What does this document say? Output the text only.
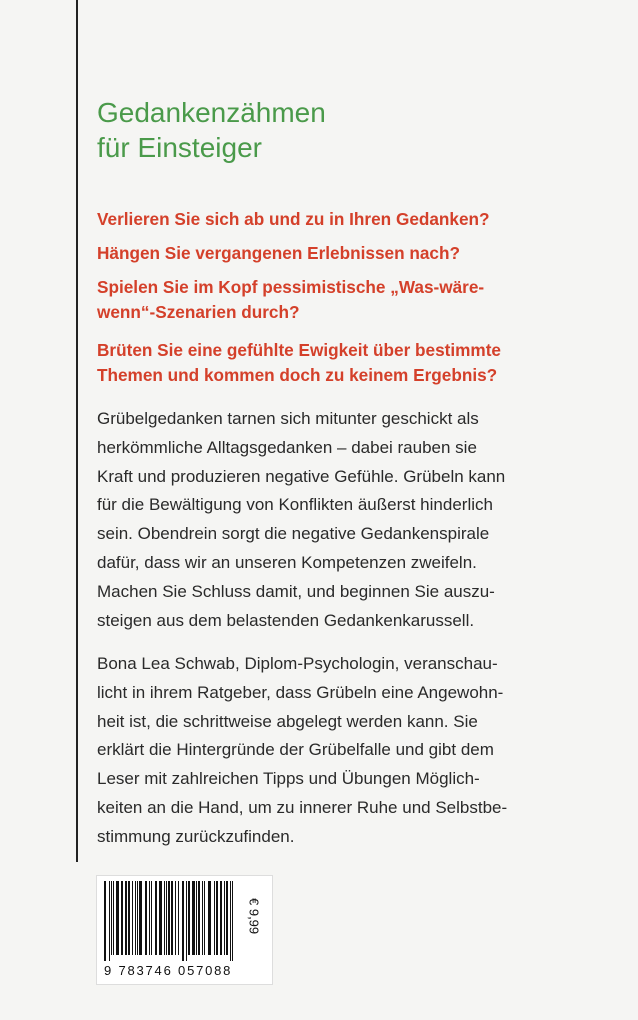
Gedankenzähmen
für Einsteiger
Verlieren Sie sich ab und zu in Ihren Gedanken?
Hängen Sie vergangenen Erlebnissen nach?
Spielen Sie im Kopf pessimistische „Was-wäre-
wenn“-Szenarien durch?
Brüten Sie eine gefühlte Ewigkeit über bestimmte
Themen und kommen doch zu keinem Ergebnis?
Grübelgedanken tarnen sich mitunter geschickt als
herkömmliche Alltagsgedanken – dabei rauben sie
Kraft und produzieren negative Gefühle. Grübeln kann
für die Bewältigung von Konflikten äußerst hinderlich
sein. Obendrein sorgt die negative Gedankenspirale
dafür, dass wir an unseren Kompetenzen zweifeln.
Machen Sie Schluss damit, und beginnen Sie auszu-
steigen aus dem belastenden Gedankenkarussell.
Bona Lea Schwab, Diplom-Psychologin, veranschau-
licht in ihrem Ratgeber, dass Grübeln eine Angewohn-
heit ist, die schrittweise abgelegt werden kann. Sie
erklärt die Hintergründe der Grübelfalle und gibt dem
Leser mit zahlreichen Tipps und Übungen Möglich-
keiten an die Hand, um zu innerer Ruhe und Selbstbe-
stimmung zurückzufinden.
€ 9,99
9 783746 057088
